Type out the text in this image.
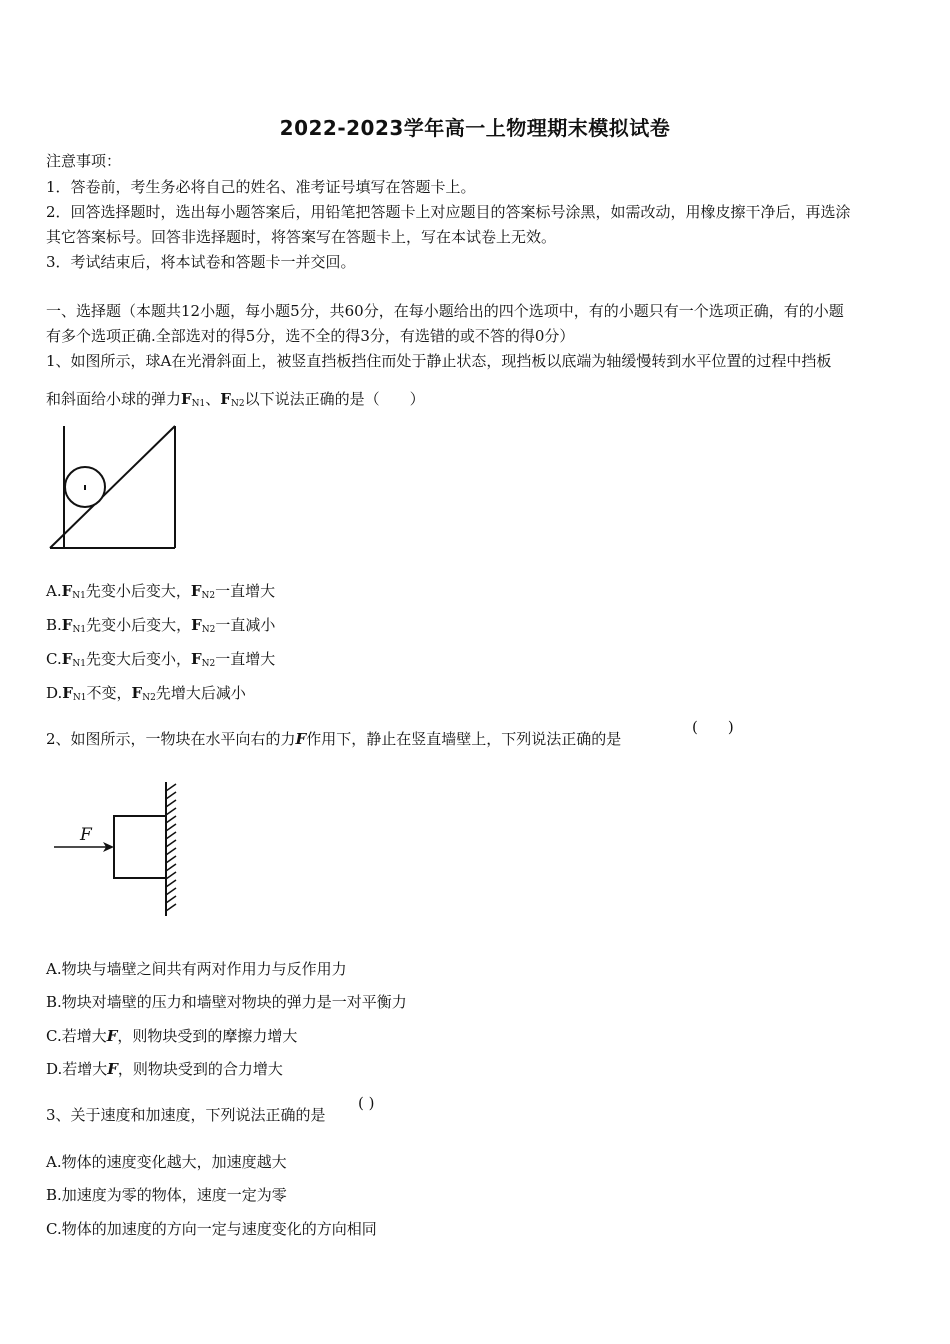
2022-2023学年高一上物理期末模拟试卷
注意事项：
1．答卷前，考生务必将自己的姓名、准考证号填写在答题卡上。
2．回答选择题时，选出每小题答案后，用铅笔把答题卡上对应题目的答案标号涂黑，如需改动，用橡皮擦干净后，再选涂
其它答案标号。回答非选择题时，将答案写在答题卡上，写在本试卷上无效。
3．考试结束后，将本试卷和答题卡一并交回。
一、选择题（本题共12小题，每小题5分，共60分，在每小题给出的四个选项中，有的小题只有一个选项正确，有的小题
有多个选项正确.全部选对的得5分，选不全的得3分，有选错的或不答的得0分）
1、如图所示，球A在光滑斜面上，被竖直挡板挡住而处于静止状态，现挡板以底端为轴缓慢转到水平位置的过程中挡板
和斜面给小球的弹力$F_{N1}$、$F_{N2}$以下说法正确的是（　　）
$A.F_{N1}$先变小后变大，$F_{N2}$一直增大
$B.F_{N1}$先变小后变大，$F_{N2}$一直减小
$C.F_{N1}$先变大后变小，$F_{N2}$一直增大
$D.F_{N1}$不变，$F_{N2}$先增大后减小
2、如图所示，一物块在水平向右的力F作用下，静止在竖直墙壁上，下列说法正确的是
(　　)
F
A.物块与墙壁之间共有两对作用力与反作用力
B.物块对墙壁的压力和墙壁对物块的弹力是一对平衡力
C.若增大F，则物块受到的摩擦力增大
D.若增大F，则物块受到的合力增大
3、关于速度和加速度，下列说法正确的是
( )
A.物体的速度变化越大，加速度越大
B.加速度为零的物体，速度一定为零
C.物体的加速度的方向一定与速度变化的方向相同
